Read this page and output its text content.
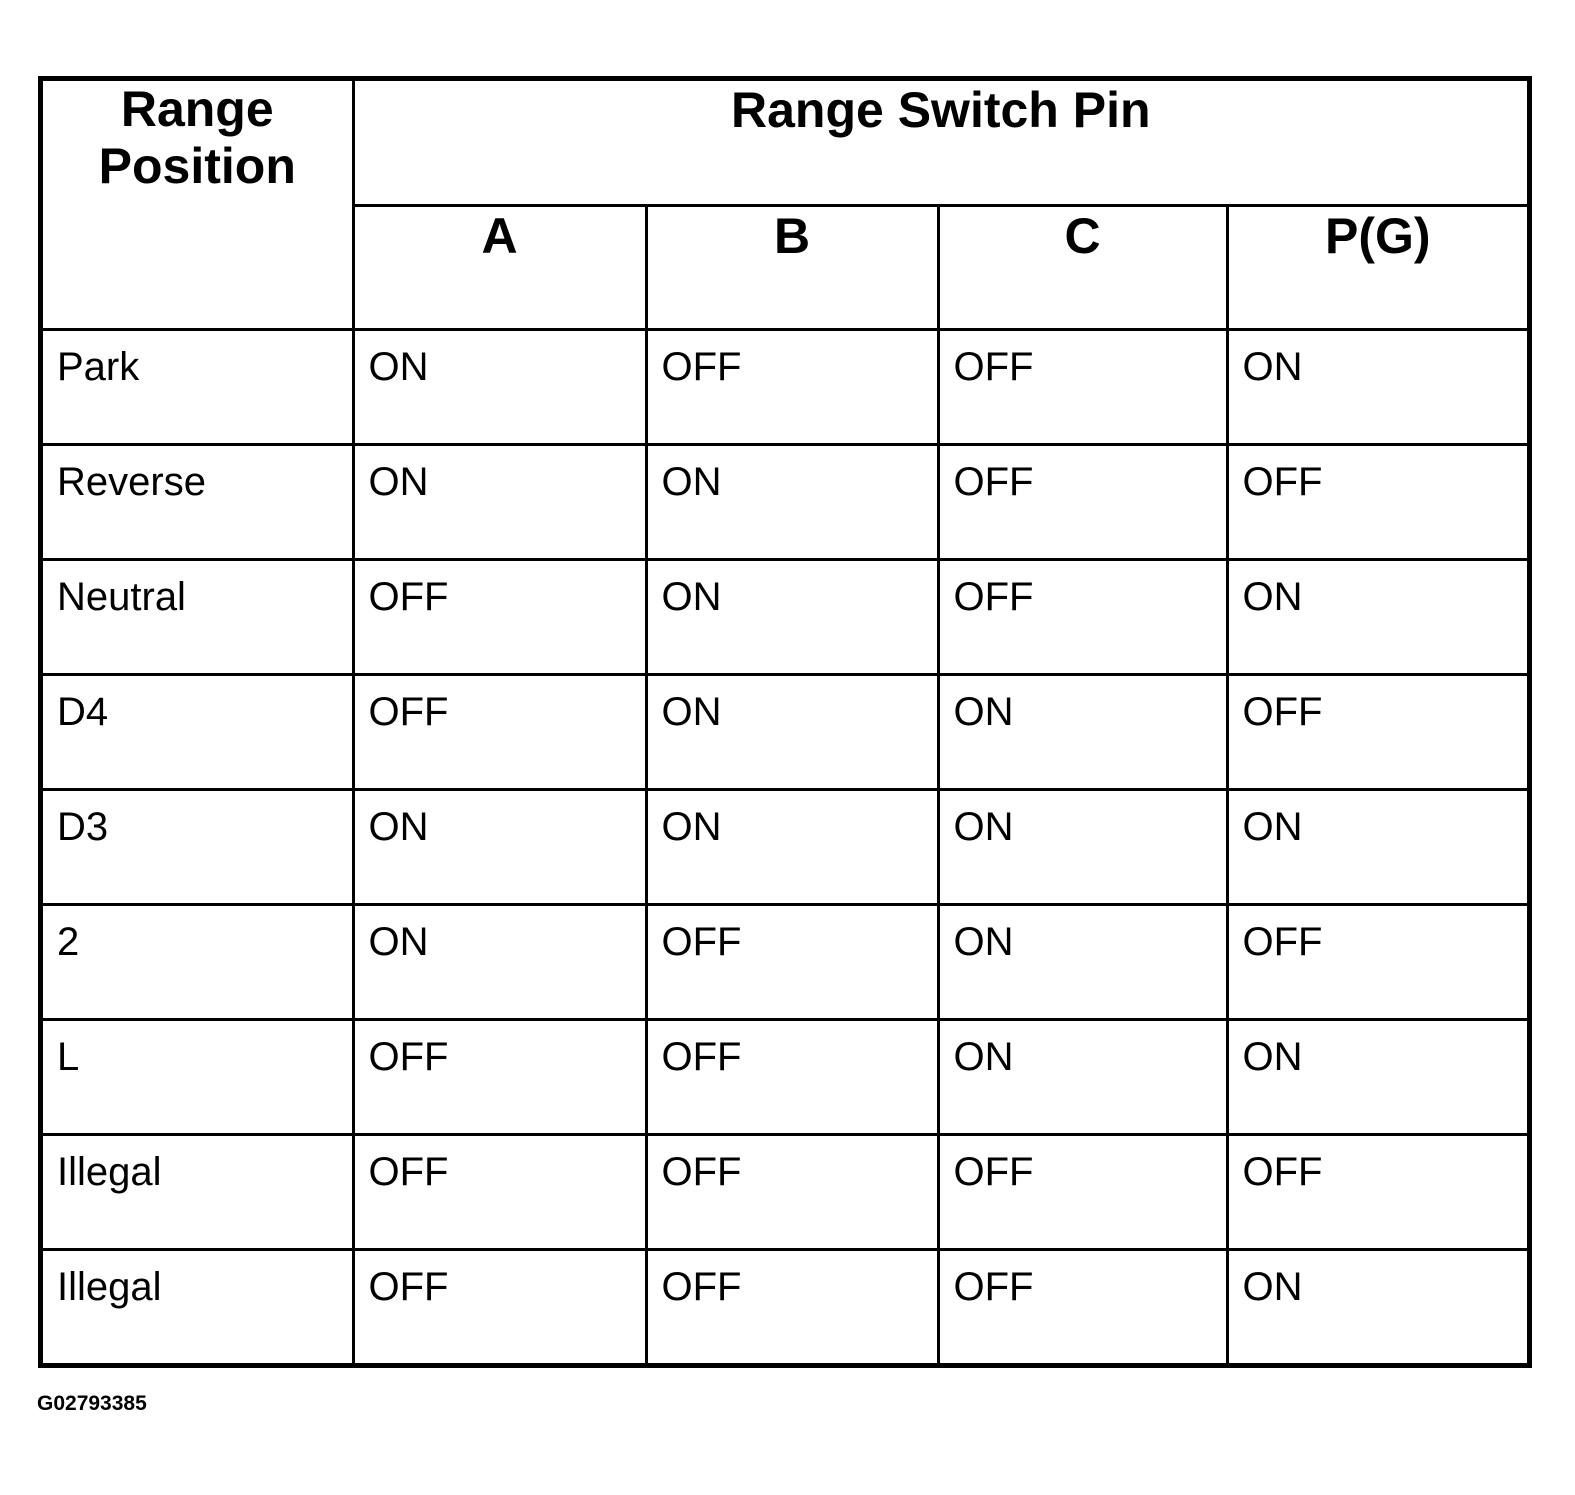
Range
Position	Range Switch Pin			
	A	B	C	P(G)
Park	ON	OFF	OFF	ON
Reverse	ON	ON	OFF	OFF
Neutral	OFF	ON	OFF	ON
D4	OFF	ON	ON	OFF
D3	ON	ON	ON	ON
2	ON	OFF	ON	OFF
L	OFF	OFF	ON	ON
Illegal	OFF	OFF	OFF	OFF
Illegal	OFF	OFF	OFF	ON
G02793385
